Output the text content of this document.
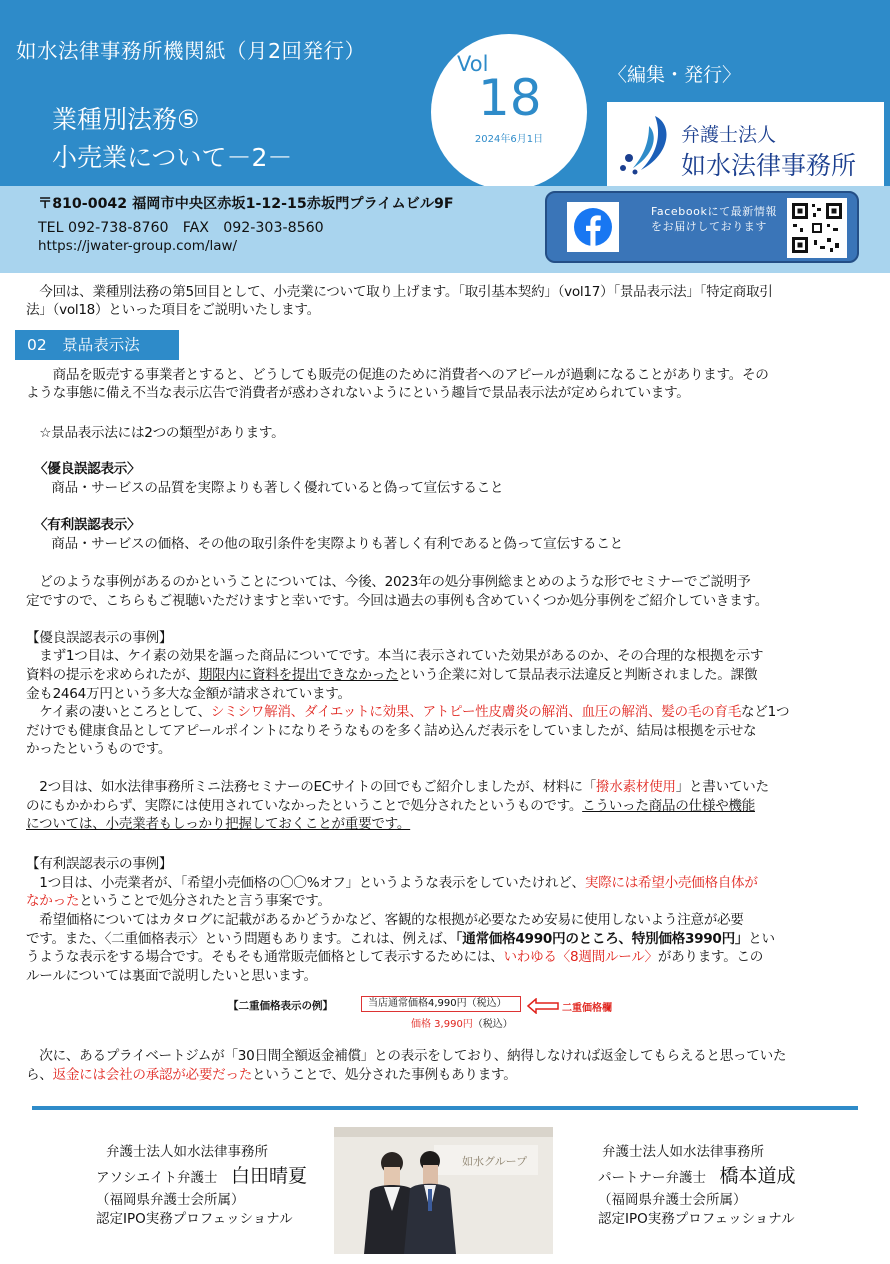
如水法律事務所機関紙（月2回発行）
業種別法務⑤
小売業について－2－
〈編集・発行〉
Vol
18
2024年6月1日	弁護士法人
如水法律事務所
〒810-0042 福岡市中央区赤坂1-12-15赤坂門プライムビル9F
TEL 092-738-8760　FAX　092-303-8560
https://jwater-group.com/law/
Facebookにて最新情報をお届けしております
　今回は、業種別法務の第5回目として、小売業について取り上げます。「取引基本契約」（vol17）「景品表示法」「特定商取引
法」（vol18）といった項目をご説明いたします。
02　景品表示法
　　商品を販売する事業者とすると、どうしても販売の促進のために消費者へのアピールが過剰になることがあります。その
ような事態に備え不当な表示広告で消費者が惑わされないようにという趣旨で景品表示法が定められています。
　☆景品表示法には2つの類型があります。
〈優良誤認表示〉
　商品・サービスの品質を実際よりも著しく優れていると偽って宣伝すること
〈有利誤認表示〉
　商品・サービスの価格、その他の取引条件を実際よりも著しく有利であると偽って宣伝すること
　どのような事例があるのかということについては、今後、2023年の処分事例総まとめのような形でセミナーでご説明予
定ですので、こちらもご視聴いただけますと幸いです。今回は過去の事例も含めていくつか処分事例をご紹介していきます。
【優良誤認表示の事例】
　まず1つ目は、ケイ素の効果を謳った商品についてです。本当に表示されていた効果があるのか、その合理的な根拠を示す
資料の提示を求められたが、期限内に資料を提出できなかったという企業に対して景品表示法違反と判断されました。課徴
金も2464万円という多大な金額が請求されています。
　ケイ素の凄いところとして、シミシワ解消、ダイエットに効果、アトピー性皮膚炎の解消、血圧の解消、髪の毛の育毛など1つ
だけでも健康食品としてアピールポイントになりそうなものを多く詰め込んだ表示をしていましたが、結局は根拠を示せな
かったというものです。
　2つ目は、如水法律事務所ミニ法務セミナーのECサイトの回でもご紹介しましたが、材料に「撥水素材使用」と書いていた
のにもかかわらず、実際には使用されていなかったということで処分されたというものです。こういった商品の仕様や機能
については、小売業者もしっかり把握しておくことが重要です。
【有利誤認表示の事例】
　1つ目は、小売業者が、「希望小売価格の〇〇%オフ」というような表示をしていたけれど、実際には希望小売価格自体が
なかったということで処分されたと言う事案です。
　希望価格についてはカタログに記載があるかどうかなど、客観的な根拠が必要なため安易に使用しないよう注意が必要
です。また、〈二重価格表示〉という問題もあります。これは、例えば、「通常価格4990円のところ、特別価格3990円」とい
うような表示をする場合です。そもそも通常販売価格として表示するためには、いわゆる〈8週間ルール〉があります。この
ルールについては裏面で説明したいと思います。
【二重価格表示の例】	当店通常価格4,990円（税込）
価格 3,990円（税込）
二重価格欄
　次に、あるプライベートジムが「30日間全額返金補償」との表示をしており、納得しなければ返金してもらえると思っていた
ら、返金には会社の承認が必要だったということで、処分された事例もあります。
弁護士法人如水法律事務所
アソシエイト弁護士　 白田晴夏
（福岡県弁護士会所属）
認定IPO実務プロフェッショナル
如水グループ
弁護士法人如水法律事務所
パートナー弁護士　 橋本道成
（福岡県弁護士会所属）
認定IPO実務プロフェッショナル
